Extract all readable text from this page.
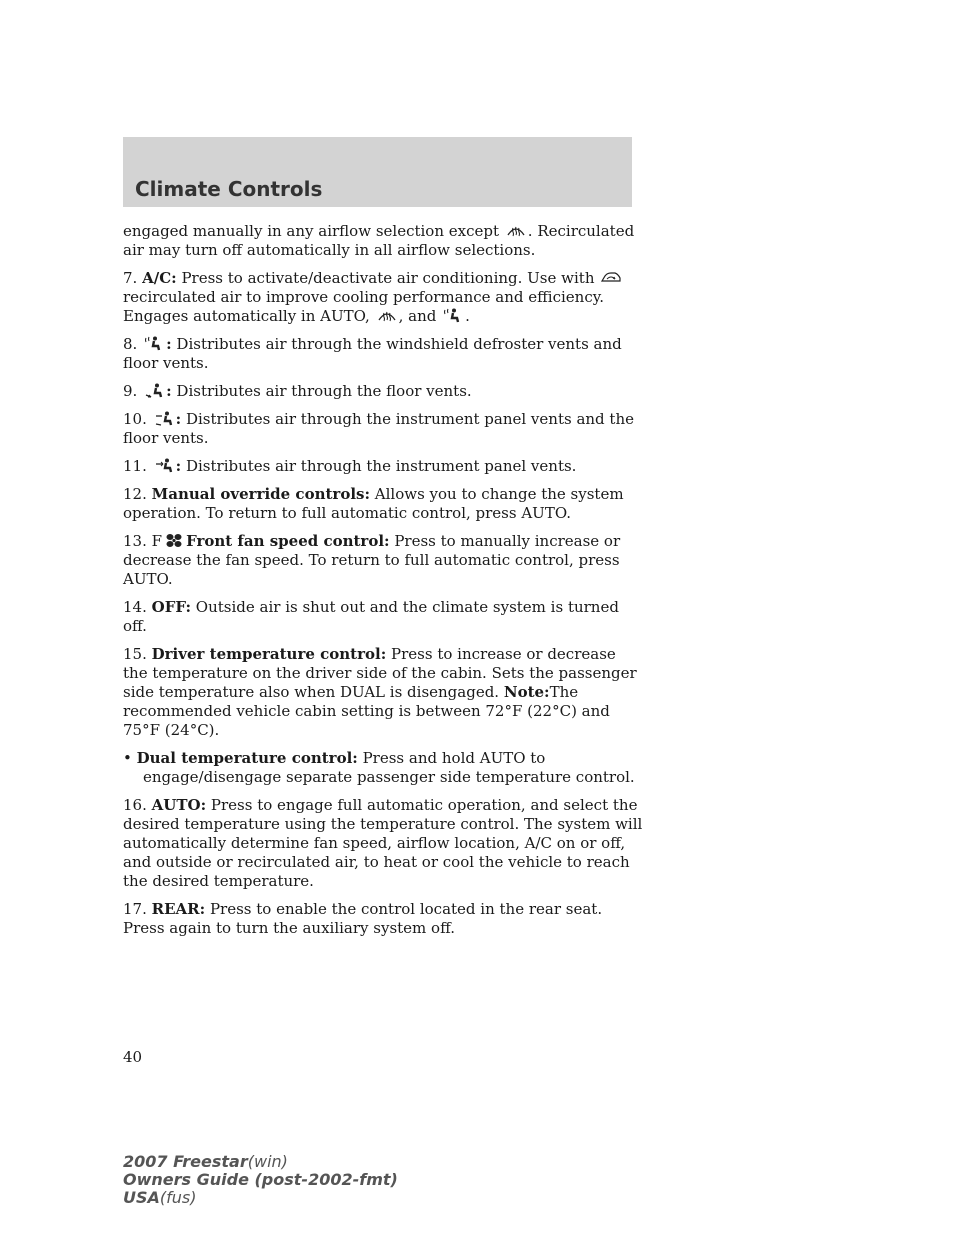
Climate Controls

engaged manually in any airflow selection except . Recirculated air may turn off automatically in all airflow selections.

7. A/C: Press to activate/deactivate air conditioning. Use with
recirculated air to improve cooling performance and efficiency. Engages automatically in AUTO, , and .

8. : Distributes air through the windshield defroster vents and floor vents.

9. : Distributes air through the floor vents.

10. : Distributes air through the instrument panel vents and the floor vents.

11. : Distributes air through the instrument panel vents.

12. Manual override controls: Allows you to change the system operation. To return to full automatic control, press AUTO.

13. F Front fan speed control: Press to manually increase or decrease the fan speed. To return to full automatic control, press AUTO.

14. OFF: Outside air is shut out and the climate system is turned off.

15. Driver temperature control: Press to increase or decrease the temperature on the driver side of the cabin. Sets the passenger side temperature also when DUAL is disengaged. Note:The recommended vehicle cabin setting is between 72°F (22°C) and 75°F (24°C).

• Dual temperature control: Press and hold AUTO to engage/disengage separate passenger side temperature control.

16. AUTO: Press to engage full automatic operation, and select the desired temperature using the temperature control. The system will automatically determine fan speed, airflow location, A/C on or off, and outside or recirculated air, to heat or cool the vehicle to reach the desired temperature.

17. REAR: Press to enable the control located in the rear seat. Press again to turn the auxiliary system off.

40
2007 Freestar(win)
Owners Guide (post-2002-fmt)
USA(fus)
